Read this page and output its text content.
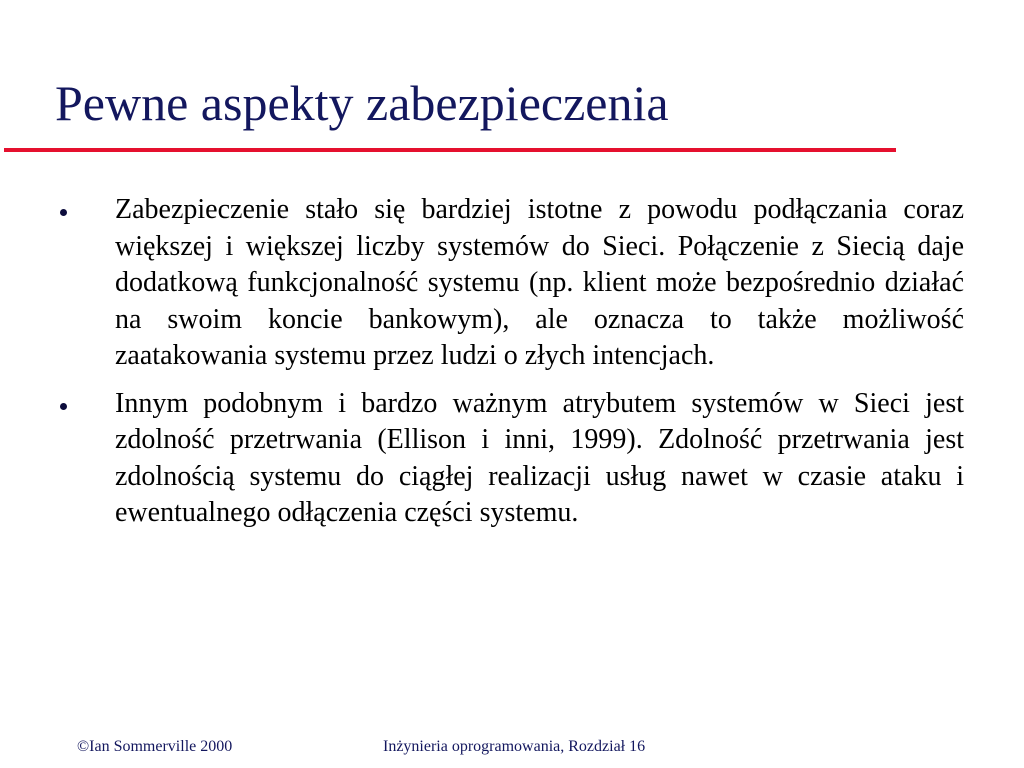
Pewne aspekty zabezpieczenia
Zabezpieczenie stało się bardziej istotne z powodu podłączania coraz większej i większej liczby systemów do Sieci. Połączenie z Siecią daje dodatkową funkcjonalność systemu (np. klient może bezpośrednio działać na swoim koncie bankowym), ale oznacza to także możliwość zaatakowania systemu przez ludzi o złych intencjach.
Innym podobnym i bardzo ważnym atrybutem systemów w Sieci jest zdolność przetrwania (Ellison i inni, 1999). Zdolność przetrwania jest zdolnością systemu do ciągłej realizacji usług nawet w czasie ataku i ewentualnego odłączenia części systemu.
©Ian Sommerville 2000	Inżynieria oprogramowania, Rozdział 16
